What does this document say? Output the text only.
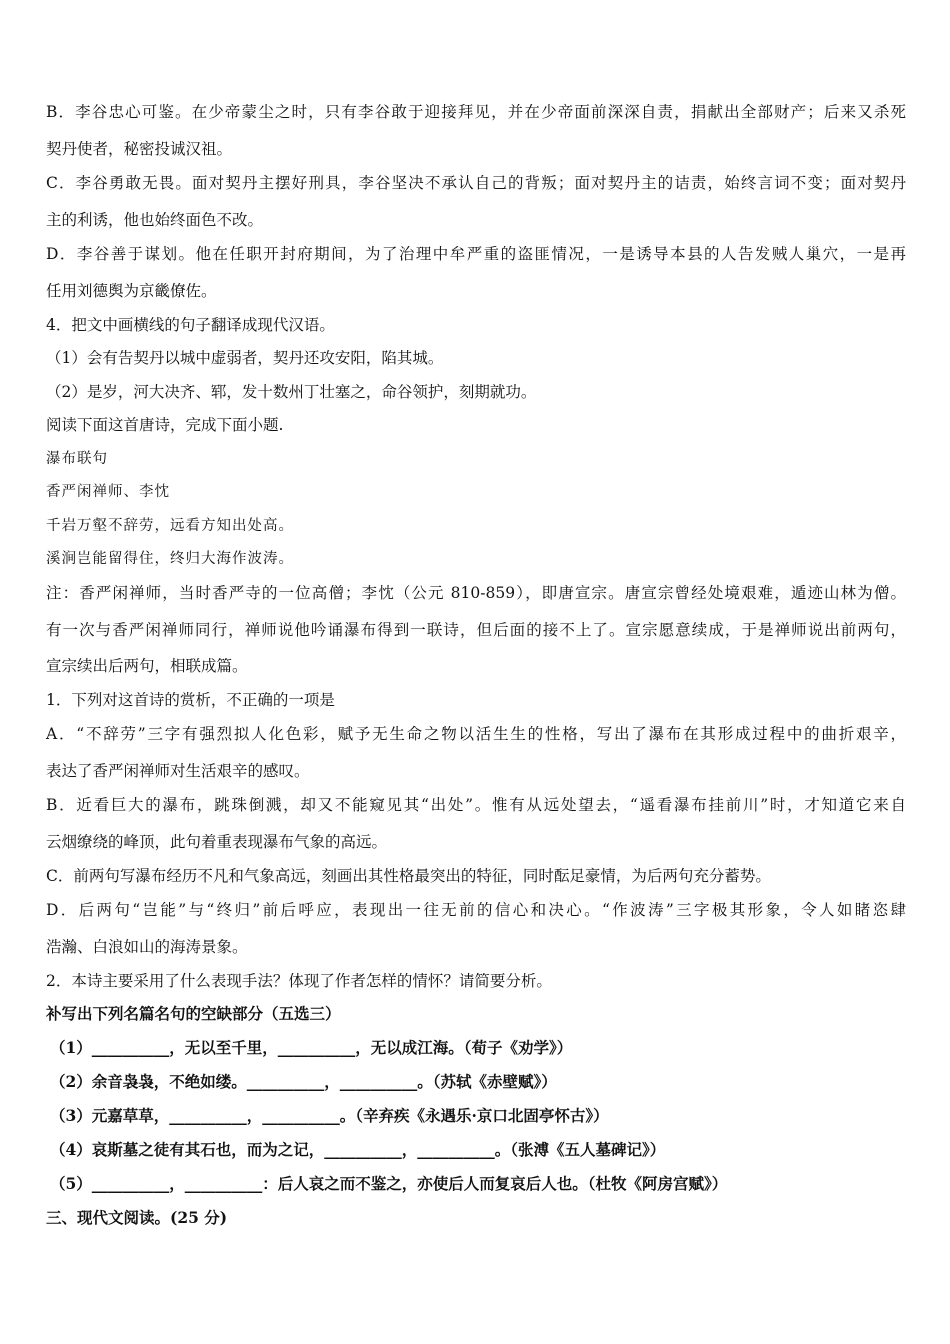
B．李谷忠心可鉴。在少帝蒙尘之时，只有李谷敢于迎接拜见，并在少帝面前深深自责，捐献出全部财产；后来又杀死
契丹使者，秘密投诚汉祖。
C．李谷勇敢无畏。面对契丹主摆好刑具，李谷坚决不承认自己的背叛；面对契丹主的诘责，始终言词不变；面对契丹
主的利诱，他也始终面色不改。
D．李谷善于谋划。他在任职开封府期间，为了治理中牟严重的盗匪情况，一是诱导本县的人告发贼人巢穴，一是再
任用刘德舆为京畿僚佐。
4．把文中画横线的句子翻译成现代汉语。
（1）会有告契丹以城中虚弱者，契丹还攻安阳，陷其城。
（2）是岁，河大决齐、郓，发十数州丁壮塞之，命谷领护，刻期就功。
阅读下面这首唐诗，完成下面小题.
瀑布联句
香严闲禅师、李忱
千岩万壑不辞劳，远看方知出处高。
溪涧岂能留得住，终归大海作波涛。
注：香严闲禅师，当时香严寺的一位高僧；李忱（公元 810-859），即唐宣宗。唐宣宗曾经处境艰难，遁迹山林为僧。
有一次与香严闲禅师同行，禅师说他吟诵瀑布得到一联诗，但后面的接不上了。宣宗愿意续成，于是禅师说出前两句，
宣宗续出后两句，相联成篇。
1．下列对这首诗的赏析，不正确的一项是
A．“不辞劳”三字有强烈拟人化色彩，赋予无生命之物以活生生的性格，写出了瀑布在其形成过程中的曲折艰辛，
表达了香严闲禅师对生活艰辛的感叹。
B．近看巨大的瀑布，跳珠倒溅，却又不能窥见其“出处”。惟有从远处望去，“遥看瀑布挂前川”时，才知道它来自
云烟缭绕的峰顶，此句着重表现瀑布气象的高远。
C．前两句写瀑布经历不凡和气象高远，刻画出其性格最突出的特征，同时酝足豪情，为后两句充分蓄势。
D．后两句“岂能”与“终归”前后呼应，表现出一往无前的信心和决心。“作波涛”三字极其形象，令人如睹恣肆
浩瀚、白浪如山的海涛景象。
2．本诗主要采用了什么表现手法？体现了作者怎样的情怀？请简要分析。
补写出下列名篇名句的空缺部分（五选三）
（1）__________，无以至千里，__________，无以成江海。（荀子《劝学》）
（2）余音袅袅，不绝如缕。__________，__________。（苏轼《赤壁赋》）
（3）元嘉草草，__________，__________。（辛弃疾《永遇乐·京口北固亭怀古》）
（4）哀斯墓之徒有其石也，而为之记，__________，__________。（张溥《五人墓碑记》）
（5）__________，__________：后人哀之而不鉴之，亦使后人而复哀后人也。（杜牧《阿房宫赋》）
三、现代文阅读。(25 分)
